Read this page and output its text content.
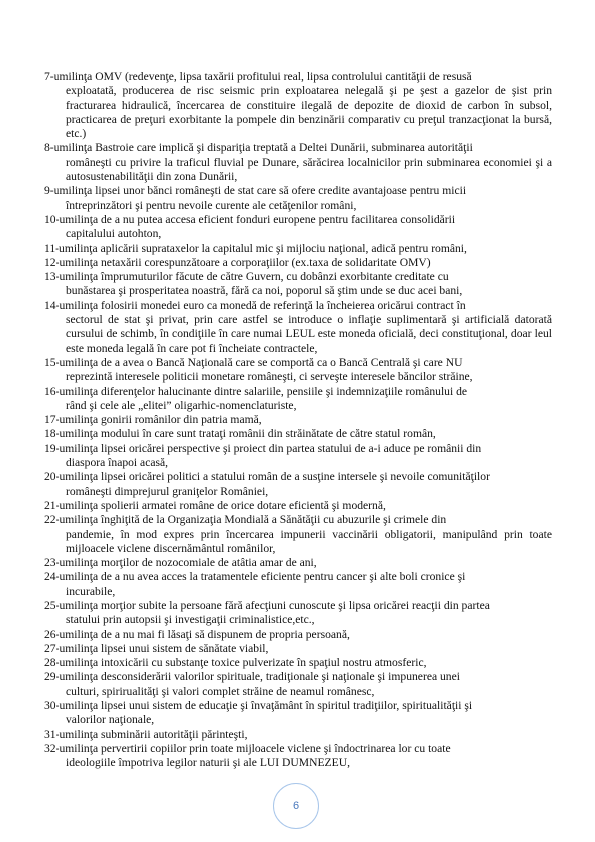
7-umilinţa OMV (redevenţe, lipsa taxării profitului real, lipsa controlului cantităţii de resusă
exploatată, producerea de risc seismic prin exploatarea nelegală şi pe şest a gazelor de şist prin fracturarea hidraulică, încercarea de constituire ilegală de depozite de dioxid de carbon în subsol, practicarea de preţuri exorbitante la pompele din benzinării comparativ cu preţul tranzacţionat la bursă, etc.)

8-umilinţa Bastroie care implică şi dispariţia treptată a Deltei Dunării, subminarea autorităţii
româneşti cu privire la traficul fluvial pe Dunare, sărăcirea localnicilor prin subminarea economiei şi a autosustenabilităţii din zona Dunării,

9-umilinţa lipsei unor bănci româneşti de stat care să ofere credite avantajoase pentru micii
întreprinzători şi pentru nevoile curente ale cetăţenilor români,

10-umilinţa de a nu putea accesa eficient fonduri europene pentru facilitarea consolidării
capitalului autohton,

11-umilinţa aplicării suprataxelor la capitalul mic şi mijlociu naţional, adică pentru români,

12-umilinţa netaxării corespunzătoare a corporaţiilor (ex.taxa de solidaritate OMV)

13-umilinţa împrumuturilor făcute de către Guvern, cu dobânzi exorbitante creditate cu
bunăstarea şi prosperitatea noastră, fără ca noi, poporul să ştim unde se duc acei bani,

14-umilinţa folosirii monedei euro ca monedă de referinţă la încheierea oricărui contract în
sectorul de stat şi privat, prin care astfel se introduce o inflaţie suplimentară şi artificială datorată cursului de schimb, în condiţiile în care numai LEUL este moneda oficială, deci constituţional, doar leul este moneda legală în care pot fi încheiate contractele,

15-umilinţa de a avea o Bancă Naţională care se comportă ca o Bancă Centrală şi care NU
reprezintă interesele politicii monetare româneşti, ci serveşte interesele băncilor străine,

16-umilinţa diferenţelor halucinante dintre salariile, pensiile şi indemnizaţiile românului de
rând şi cele ale „elitei” oligarhic-nomenclaturiste,

17-umilinţa gonirii românilor din patria mamă,

18-umilinţa modului în care sunt trataţi românii din străinătate de către statul român,

19-umilinţa lipsei oricărei perspective şi proiect din partea statului de a-i aduce pe românii din
diaspora înapoi acasă,

20-umilinţa lipsei oricărei politici a statului român de a susţine intersele şi nevoile comunităţilor
româneşti dimprejurul graniţelor României,

21-umilinţa spolierii armatei române de orice dotare eficientă şi modernă,

22-umilinţa înghiţită de la Organizaţia Mondială a Sănătăţii cu abuzurile şi crimele din
pandemie, în mod expres prin încercarea impunerii vaccinării obligatorii, manipulând prin toate mijloacele viclene discernământul românilor,

23-umilinţa morţilor de nozocomiale de atâtia amar de ani,

24-umilinţa de a nu avea acces la tratamentele eficiente pentru cancer şi alte boli cronice şi
incurabile,

25-umilinţa morţior subite la persoane fără afecţiuni cunoscute şi lipsa oricărei reacţii din partea
statului prin autopsii şi investigaţii criminalistice,etc.,

26-umilinţa de a nu mai fi lăsaţi să dispunem de propria persoană,

27-umilinţa lipsei unui sistem de sănătate viabil,

28-umilinţa intoxicării cu substanţe toxice pulverizate în spaţiul nostru atmosferic,

29-umilinţa desconsiderării valorilor spirituale, tradiţionale şi naţionale şi impunerea unei
culturi, spirirualităţi şi valori complet străine de neamul românesc,

30-umilinţa lipsei unui sistem de educaţie şi învaţământ în spiritul tradiţiilor, spiritualităţii şi
valorilor naţionale,

31-umilinţa subminării autorităţii părinteşti,

32-umilinţa pervertirii copiilor prin toate mijloacele viclene şi îndoctrinarea lor cu toate
ideologiile împotriva legilor naturii şi ale LUI DUMNEZEU,

6
